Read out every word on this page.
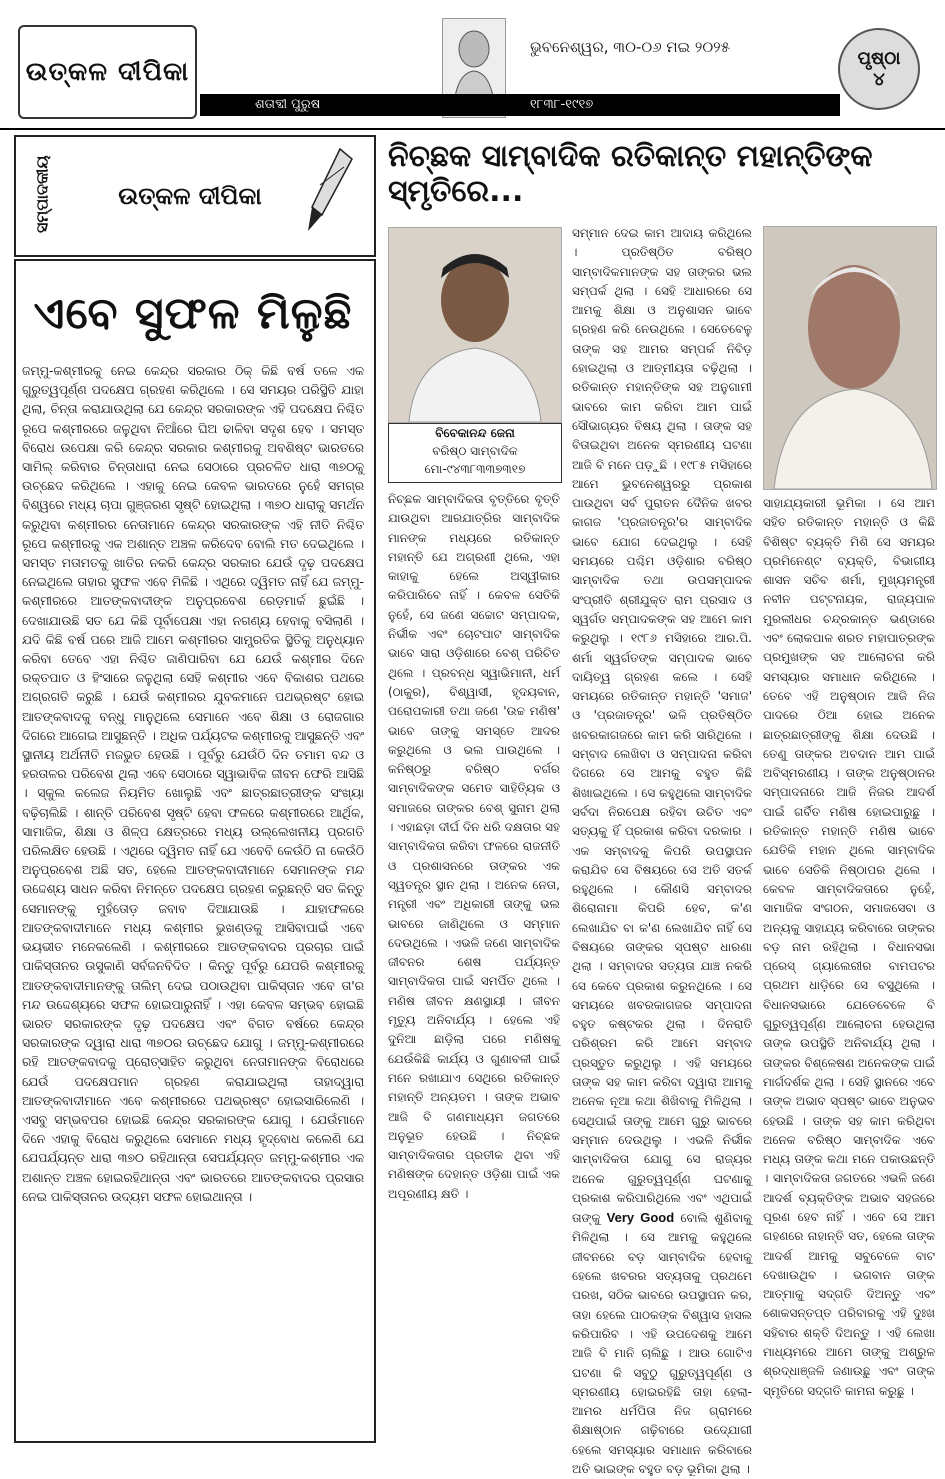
ଉତ୍କଳ ଦୀପିକା
ଭୁବନେଶ୍ୱର, ୩୦-୦୬ ମଇ ୨୦୨୫
ଶତାବ୍ଦୀ ପୁରୁଷ	୧୮୩୮-୧୯୧୭
ପୃଷ୍ଠା
୪
ସମ୍ପାଦକୀୟ	ଉତ୍କଳ ଦୀପିକା
ଏବେ ସୁଫଳ ମିଳୁଛି

ଜମ୍ମୁ-କଶ୍ମୀରକୁ ନେଇ କେନ୍ଦ୍ର ସରକାର ଠିକ୍ କିଛି ବର୍ଷ ତଳେ ଏକ ଗୁରୁତ୍ୱପୂର୍ଣ୍ଣ ପଦକ୍ଷେପ ଗ୍ରହଣ କରିଥିଲେ । ସେ ସମୟର ପରିସ୍ଥିତି ଯାହା ଥିଲା, ଚିନ୍ତା କରାଯାଉଥିଲା ଯେ କେନ୍ଦ୍ର ସରକାରଙ୍କ ଏହି ପଦକ୍ଷେପ ନିଶ୍ଚିତ ରୂପେ କଶ୍ମୀରରେ ଜଳୁଥିବା ନିଆଁରେ ଘିଅ ଢାଳିବା ସଦୃଶ ହେବ । ସମସ୍ତ ବିରୋଧ ଉପେକ୍ଷା କରି କେନ୍ଦ୍ର ସରକାର କଶ୍ମୀରକୁ ଅବଶିଷ୍ଟ ଭାରତରେ ସାମିଲ୍ କରିବାର ଚିନ୍ତାଧାରା ନେଇ ସେଠାରେ ପ୍ରଚଳିତ ଧାରା ୩୭୦କୁ ଉଚ୍ଛେଦ କରିଥିଲେ । ଏହାକୁ ନେଇ କେବଳ ଭାରତରେ ନୁହେଁ ସମଗ୍ର ବିଶ୍ୱରେ ମଧ୍ୟ ଚାପା ଗୁଞ୍ଜରଣ ସୃଷ୍ଟି ହୋଇଥିଲା । ୩୭୦ ଧାରାକୁ ସମର୍ଥନ କରୁଥିବା କଶ୍ମୀରର ନେତାମାନେ କେନ୍ଦ୍ର ସରକାରଙ୍କ ଏହି ନୀତି ନିଶ୍ଚିତ ରୂପେ କଶ୍ମୀରକୁ ଏକ ଅଶାନ୍ତ ଅଞ୍ଚଳ କରିଦେବ ବୋଲି ମତ ଦେଇଥିଲେ । ସମସ୍ତ ମତାମତକୁ ଖାତିର ନକରି କେନ୍ଦ୍ର ସରକାର ଯେଉଁ ଦୃଢ଼ ପଦକ୍ଷେପ ନେଇଥିଲେ ତାହାର ସୁଫଳ ଏବେ ମିଳିଛି । ଏଥିରେ ଦ୍ୱିମତ ନାହିଁ ଯେ ଜମ୍ମୁ-କଶ୍ମୀରରେ ଆତଙ୍କବାଦୀଙ୍କ ଅନୁପ୍ରବେଶ ରେଡ଼ମାର୍କ ଛୁଇଁଛି । ଦେଖାଯାଉଛି ସତ ଯେ କିଛି ପୂର୍ବାପେକ୍ଷା ଏହା ନଗଣ୍ୟ ହେବାକୁ ବସିଲାଣି । ଯଦି କିଛି ବର୍ଷ ପରେ ଆଜି ଆମେ କଶ୍ମୀରର ସାମ୍ପ୍ରତିକ ସ୍ଥିତିକୁ ଅନୁଧ୍ୟାନ କରିବା ତେବେ ଏହା ନିଶ୍ଚିତ ଜାଣିପାରିବା ଯେ ଯେଉଁ କଶ୍ମୀର ଦିନେ ରକ୍ତପାତ ଓ ହିଂସାରେ ଜଳୁଥିଲା ସେହି କଶ୍ମୀର ଏବେ ବିକାଶର ପଥରେ ଅଗ୍ରଗତି କରୁଛି । ଯେଉଁ କଶ୍ମୀରର ଯୁବକମାନେ ପଥଭ୍ରଷ୍ଟ ହୋଇ ଆତଙ୍କବାଦକୁ ବନ୍ଧୁ ମାନୁଥିଲେ ସେମାନେ ଏବେ ଶିକ୍ଷା ଓ ରୋଜଗାର ଦିଗରେ ଆଗେଇ ଆସୁଛନ୍ତି । ଅଧିକ ପର୍ଯ୍ୟଟକ କଶ୍ମୀରକୁ ଆସୁଛନ୍ତି ଏବଂ ସ୍ଥାନୀୟ ଅର୍ଥନୀତି ମଜଭୁତ ହେଉଛି । ପୂର୍ବରୁ ଯେଉଁଠି ଦିନ ତମାମ ବନ୍ଦ ଓ ହରତାଳର ପରିବେଶ ଥିଲା ଏବେ ସେଠାରେ ସ୍ୱାଭାବିକ ଜୀବନ ଫେରି ଆସିଛି । ସ୍କୁଲ କଲେଜ ନିୟମିତ ଖୋଲୁଛି ଏବଂ ଛାତ୍ରଛାତ୍ରୀଙ୍କ ସଂଖ୍ୟା ବଢ଼ିଚାଲିଛି । ଶାନ୍ତି ପରିବେଶ ସୃଷ୍ଟି ହେବା ଫଳରେ କଶ୍ମୀରରେ ଆର୍ଥିକ, ସାମାଜିକ, ଶିକ୍ଷା ଓ ଶିଳ୍ପ କ୍ଷେତ୍ରରେ ମଧ୍ୟ ଉଲ୍ଲେଖନୀୟ ପ୍ରଗତି ପରିଲକ୍ଷିତ ହେଉଛି । ଏଥିରେ ଦ୍ୱିମତ ନାହିଁ ଯେ ଏବେବି କେଉଁଠି ନା କେଉଁଠି ଅନୁପ୍ରବେଶ ଅଛି ସତ, ହେଲେ ଆତଙ୍କବାଦୀମାନେ ସେମାନଙ୍କ ମନ୍ଦ ଉଦ୍ଦେଶ୍ୟ ସାଧନ କରିବା ନିମନ୍ତେ ପଦକ୍ଷେପ ଗ୍ରହଣ କରୁଛନ୍ତି ସତ କିନ୍ତୁ ସେମାନଙ୍କୁ ମୁହଁତୋଡ଼ ଜବାବ ଦିଆଯାଉଛି । ଯାହାଫଳରେ ଆତଙ୍କବାଦୀମାନେ ମଧ୍ୟ କଶ୍ମୀର ଭୁଖଣ୍ଡକୁ ଆସିବାପାଇଁ ଏବେ ଭୟଭୀତ ମନେକଲେଣି । କଶ୍ମୀରରେ ଆତଙ୍କବାଦର ପ୍ରଚାର ପାଇଁ ପାକିସ୍ତାନର ଉସୁକାଣି ସର୍ବଜନବିଦିତ । କିନ୍ତୁ ପୂର୍ବରୁ ଯେପରି କଶ୍ମୀରକୁ ଆତଙ୍କବାଦୀମାନଙ୍କୁ ତାଲିମ୍ ଦେଇ ପଠାଉଥିବା ପାକିସ୍ତାନ ଏବେ ତା'ର ମନ୍ଦ ଉଦ୍ଦେଶ୍ୟରେ ସଫଳ ହୋଇପାରୁନାହିଁ । ଏହା କେବଳ ସମ୍ଭବ ହୋଇଛି ଭାରତ ସରକାରଙ୍କ ଦୃଢ଼ ପଦକ୍ଷେପ ଏବଂ ବିଗତ ବର୍ଷରେ କେନ୍ଦ୍ର ସରକାରଙ୍କ ଦ୍ୱାରା ଧାରା ୩୭୦ର ଉଚ୍ଛେଦ ଯୋଗୁ । ଜମ୍ମୁ-କଶ୍ମୀରରେ ରହି ଆତଙ୍କବାଦକୁ ପ୍ରୋତ୍ସାହିତ କରୁଥିବା ନେତାମାନଙ୍କ ବିରୋଧରେ ଯେଉଁ ପଦକ୍ଷେପମାନ ଗ୍ରହଣ କରାଯାଇଥିଲା ତାହାଦ୍ୱାରା ଆତଙ୍କବାଦୀମାନେ ଏବେ କଶ୍ମୀରରେ ପଥଭ୍ରଷ୍ଟ ହୋଇସାରିଲେଣି । ଏସବୁ ସମ୍ଭବପର ହୋଇଛି କେନ୍ଦ୍ର ସରକାରଙ୍କ ଯୋଗୁ । ଯେଉଁମାନେ ଦିନେ ଏହାକୁ ବିରୋଧ କରୁଥିଲେ ସେମାନେ ମଧ୍ୟ ହୃଦ୍‌ବୋଧ କଲେଣି ଯେ ଯେପର୍ଯ୍ୟନ୍ତ ଧାରା ୩୭୦ ରହିଥାନ୍ତା ସେପର୍ଯ୍ୟନ୍ତ ଜମ୍ମୁ-କଶ୍ମୀର ଏକ ଅଶାନ୍ତ ଅଞ୍ଚଳ ହୋଇରହିଥାନ୍ତା ଏବଂ ଭାରତରେ ଆତଙ୍କବାଦର ପ୍ରସାର ନେଇ ପାକିସ୍ତାନର ଉଦ୍ୟମ ସଫଳ ହୋଇଥାନ୍ତା ।

ନିଚ୍ଛକ ସାମ୍ବାଦିକ ରତିକାନ୍ତ ମହାନ୍ତିଙ୍କ ସ୍ମୃତିରେ...
ବିବେକାନନ୍ଦ ଜେନା
ବରିଷ୍ଠ ସାମ୍ବାଦିକ
ମୋ-୯୪୩୮୩୩୭୩୧୭

ନିଚ୍ଛକ ସାମ୍ବାଦିକତା ବୃତ୍ତିରେ ବୃତ୍ତି ଯାଉଥିବା ଆରଯାତ୍ରିର ସାମ୍ବାଦିକ ମାନଙ୍କ ମଧ୍ୟରେ ରତିକାନ୍ତ ମହାନ୍ତି ଯେ ଅଗ୍ରଣୀ ଥିଲେ, ଏହା କାହାକୁ ହେଲେ ଅସ୍ୱୀକାର କରିପାରିବେ ନାହିଁ । କେବଳ ସେତିକି ନୁହେଁ, ସେ ଜଣେ ସଚ୍ଚୋଟ ସମ୍ପାଦକ, ନିର୍ଭୀକ ଏବଂ ଚୋଟପାଟ ସାମ୍ବାଦିକ ଭାବେ ସାରା ଓଡ଼ିଶାରେ ବେଶ୍ ପରିଚିତ ଥିଲେ । ପ୍ରବନ୍ଧ ସ୍ୱାଭିମାନୀ, ଧର୍ମ (ଠାକୁର), ବିଶ୍ୱାସୀ, ହୃଦୟବାନ, ପରୋପକାରୀ ତଥା ଜଣେ 'ଉଚ୍ଚ ମଣିଷ' ଭାବେ ତାଙ୍କୁ ସମସ୍ତେ ଆଦର କରୁଥିଲେ ଓ ଭଲ ପାଉଥିଲେ । କନିଷ୍ଠରୁ ବରିଷ୍ଠ ବର୍ଗର ସାମ୍ବାଦିକଙ୍କ ସମେତ ସାହିତ୍ୟିକ ଓ ସମାଜରେ ତାଙ୍କର ବେଶ୍ ସୁନାମ ଥିଲା । ଏହାଛଡ଼ା ଦୀର୍ଘ ଦିନ ଧରି ଦକ୍ଷତାର ସହ ସାମ୍ବାଦିକତା କରିବା ଫଳରେ ରାଜନୀତି ଓ ପ୍ରଶାସନରେ ତାଙ୍କର ଏକ ସ୍ୱତନ୍ତ୍ର ସ୍ଥାନ ଥିଲା । ଅନେକ ନେତା, ମନ୍ତ୍ରୀ ଏବଂ ଅଧିକାରୀ ତାଙ୍କୁ ଭଲ ଭାବରେ ଜାଣିଥିଲେ ଓ ସମ୍ମାନ ଦେଉଥିଲେ । ଏଭଳି ଜଣେ ସାମ୍ବାଦିକ ଜୀବନର ଶେଷ ପର୍ଯ୍ୟନ୍ତ ସାମ୍ବାଦିକତା ପାଇଁ ସମର୍ପିତ ଥିଲେ । ମଣିଷ ଜୀବନ କ୍ଷଣସ୍ଥାୟୀ । ଜୀବନ ମୃତ୍ୟୁ ଅନିବାର୍ଯ୍ୟ । ହେଲେ ଏହି ଦୁନିଆ ଛାଡ଼ିଲା ପରେ ମଣିଷକୁ ଯେଉଁକିଛି କାର୍ଯ୍ୟ ଓ ଗୁଣାବଳୀ ପାଇଁ ମନେ ରଖାଯାଏ ସେଥିରେ ରତିକାନ୍ତ ମହାନ୍ତି ଅନ୍ୟତମ । ତାଙ୍କ ଅଭାବ ଆଜି ବି ଗଣମାଧ୍ୟମ ଜଗତରେ ଅନୁଭୂତ ହେଉଛି । ନିଚ୍ଛକ ସାମ୍ବାଦିକତାର ପ୍ରତୀକ ଥିବା ଏହି ମଣିଷଙ୍କ ଦେହାନ୍ତ ଓଡ଼ିଶା ପାଇଁ ଏକ ଅପୂରଣୀୟ କ୍ଷତି ।

ସମ୍ମାନ ଦେଇ କାମ ଆଦାୟ କରିଥିଲେ । ପ୍ରତିଷ୍ଠିତ ବରିଷ୍ଠ ସାମ୍ବାଦିକମାନଙ୍କ ସହ ତାଙ୍କର ଭଲ ସମ୍ପର୍କ ଥିଲା । ସେହି ଆଧାରରେ ସେ ଆମକୁ ଶିକ୍ଷା ଓ ଅନୁଶାସନ ଭାବେ ଗ୍ରହଣ କରି ନେଉଥିଲେ । ସେତେବେଳୁ ତାଙ୍କ ସହ ଆମର ସମ୍ପର୍କ ନିବିଡ଼ ହୋଇଥିଲା ଓ ଆତ୍ମୀୟତା ବଢ଼ିଥିଲା । ରତିକାନ୍ତ ମହାନ୍ତିଙ୍କ ସହ ଅନୁଗାମୀ ଭାବରେ କାମ କରିବା ଆମ ପାଇଁ ସୌଭାଗ୍ୟର ବିଷୟ ଥିଲା । ତାଙ୍କ ସହ ବିତାଇଥିବା ଅନେକ ସ୍ମରଣୀୟ ଘଟଣା ଆଜି ବି ମନେ ପଡ଼ୁଛି । ୧୯୮୫ ମସିହାରେ ଆମେ ଭୁବନେଶ୍ୱରରୁ ପ୍ରକାଶ ପାଉଥିବା ସର୍ବ ପୁରାତନ ଦୈନିକ ଖବର କାଗଜ 'ପ୍ରଜାତନ୍ତ୍ର'ର ସାମ୍ବାଦିକ ଭାବେ ଯୋଗ ଦେଇଥିଲୁ । ସେହି ସମୟରେ ପଶ୍ଚିମ ଓଡ଼ିଶାର ବରିଷ୍ଠ ସାମ୍ବାଦିକ ତଥା ଉପସମ୍ପାଦକ ସଂପ୍ରୀତି ଶ୍ରୀଯୁକ୍ତ ରାମ ପ୍ରସାଦ ଓ ସ୍ୱର୍ଗତ ସମ୍ପାଦକଙ୍କ ସହ ଆମେ କାମ କରୁଥିଲୁ । ୧୯୮୬ ମସିହାରେ ଆର.ପି. ଶର୍ମା ସ୍ୱର୍ଗତଙ୍କ ସମ୍ପାଦକ ଭାବେ ଦାୟିତ୍ୱ ଗ୍ରହଣ କଲେ । ସେହି ସମୟରେ ରତିକାନ୍ତ ମହାନ୍ତି 'ସମାଜ' ଓ 'ପ୍ରଜାତନ୍ତ୍ର' ଭଳି ପ୍ରତିଷ୍ଠିତ ଖବରକାଗଜରେ କାମ କରି ସାରିଥିଲେ । ସମ୍ବାଦ ଲେଖିବା ଓ ସମ୍ପାଦନା କରିବା ଦିଗରେ ସେ ଆମକୁ ବହୁତ କିଛି ଶିଖାଇଥିଲେ । ସେ କହୁଥିଲେ ସାମ୍ବାଦିକ ସର୍ବଦା ନିରପେକ୍ଷ ରହିବା ଉଚିତ ଏବଂ ସତ୍ୟକୁ ହିଁ ପ୍ରକାଶ କରିବା ଦରକାର । ଏକ ସମ୍ବାଦକୁ କିପରି ଉପସ୍ଥାପନ କରାଯିବ ସେ ବିଷୟରେ ସେ ଅତି ସତର୍କ ରହୁଥିଲେ । କୌଣସି ସମ୍ବାଦର ଶିରୋନାମା କିପରି ହେବ, କ'ଣ ଲେଖାଯିବ ବା କ'ଣ ଲେଖାଯିବ ନାହିଁ ସେ ବିଷୟରେ ତାଙ୍କର ସ୍ପଷ୍ଟ ଧାରଣା ଥିଲା । ସମ୍ବାଦର ସତ୍ୟତା ଯାଞ୍ଚ ନକରି ସେ କେବେ ପ୍ରକାଶ କରୁନଥିଲେ । ସେ ସମୟରେ ଖବରକାଗଜର ସମ୍ପାଦନା ବହୁତ କଷ୍ଟକର ଥିଲା । ଦିନରାତି ପରିଶ୍ରମ କରି ଆମେ ସମ୍ବାଦ ପ୍ରସ୍ତୁତ କରୁଥିଲୁ । ଏହି ସମୟରେ ତାଙ୍କ ସହ କାମ କରିବା ଦ୍ୱାରା ଆମକୁ ଅନେକ ନୂଆ କଥା ଶିଖିବାକୁ ମିଳିଥିଲା । ସେଥିପାଇଁ ତାଙ୍କୁ ଆମେ ଗୁରୁ ଭାବରେ ସମ୍ମାନ ଦେଉଥିଲୁ । ଏଭଳି ନିର୍ଭୀକ ସାମ୍ବାଦିକତା ଯୋଗୁ ସେ ରାଜ୍ୟର ଅନେକ ଗୁରୁତ୍ୱପୂର୍ଣ୍ଣ ଘଟଣାକୁ ପ୍ରକାଶ କରିପାରିଥିଲେ ଏବଂ ଏଥିପାଇଁ ତାଙ୍କୁ Very Good ବୋଲି ଶୁଣିବାକୁ ମିଳିଥିଲା । ସେ ଆମକୁ କହୁଥିଲେ ଜୀବନରେ ବଡ଼ ସାମ୍ବାଦିକ ହେବାକୁ ହେଲେ ଖବରର ସତ୍ୟତାକୁ ପ୍ରଥମେ ପରଖ, ସଠିକ ଭାବରେ ଉପସ୍ଥାପନ କର, ତାହା ହେଲେ ପାଠକଙ୍କ ବିଶ୍ୱାସ ହାସଲ କରିପାରିବ । ଏହି ଉପଦେଶକୁ ଆମେ ଆଜି ବି ମାନି ଚାଲିଛୁ । ଆଉ ଗୋଟିଏ ଘଟଣା କି ସବୁଠୁ ଗୁରୁତ୍ୱପୂର୍ଣ୍ଣ ଓ ସ୍ମରଣୀୟ ହୋଇରହିଛି ତାହା ହେଲା- ଆମର ଧର୍ମପିତା ନିଜ ଗ୍ରାମରେ ଶିକ୍ଷାଷ୍ଠାନ ଗଢ଼ିବାରେ ଉଦ୍ଯୋଗୀ ହେଲେ ସମସ୍ୟାର ସମାଧାନ କରିବାରେ ଅତି ଭାଇଙ୍କ ବହୁତ ବଡ଼ ଭୂମିକା ଥିଲା ।

ସାହାଯ୍ୟକାରୀ ଭୂମିକା । ସେ ଆମ ସହିତ ରତିକାନ୍ତ ମହାନ୍ତି ଓ କିଛି ବିଶିଷ୍ଟ ବ୍ୟକ୍ତି ମିଶି ସେ ସମୟର ପ୍ରମିନେଣ୍ଟ ବ୍ୟକ୍ତି, ବିଭାଗୀୟ ଶାସନ ସଚିବ ଶର୍ମା, ମୁଖ୍ୟମନ୍ତ୍ରୀ ନବୀନ ପଟ୍ଟନାୟକ, ରାଜ୍ୟପାଳ ମୁରଲୀଧର ଚନ୍ଦ୍ରକାନ୍ତ ଭଣ୍ଡାରେ ଏବଂ ଲୋକପାଳ ଶରତ ମହାପାତ୍ରଙ୍କ ପ୍ରମୁଖଙ୍କ ସହ ଆଲୋଚନା କରି ସମସ୍ୟାର ସମାଧାନ କରିଥିଲେ । ତେବେ ଏହି ଅନୁଷ୍ଠାନ ଆଜି ନିଜ ପାଦରେ ଠିଆ ହୋଇ ଅନେକ ଛାତ୍ରଛାତ୍ରୀଙ୍କୁ ଶିକ୍ଷା ଦେଉଛି । ତେଣୁ ତାଙ୍କର ଅବଦାନ ଆମ ପାଇଁ ଅବିସ୍ମରଣୀୟ । ତାଙ୍କ ଅନୁଷ୍ଠାନର ସମ୍ପାଦନାରେ ଆଜି ନିଜର ଆଦର୍ଶ ପାଇଁ ଗର୍ବିତ ମଣିଷ ହୋଇପାରୁଛୁ । ରତିକାନ୍ତ ମହାନ୍ତି ମଣିଷ ଭାବେ ଯେତିକି ମହାନ ଥିଲେ ସାମ୍ବାଦିକ ଭାବେ ସେତିକି ନିଷ୍ଠାପର ଥିଲେ । କେବଳ ସାମ୍ବାଦିକତାରେ ନୁହେଁ, ସାମାଜିକ ସଂଗଠନ, ସମାଜସେବା ଓ ଅନ୍ୟକୁ ସାହାଯ୍ୟ କରିବାରେ ତାଙ୍କର ବଡ଼ ନାମ ରହିଥିଲା । ବିଧାନସଭା ପ୍ରେସ୍ ଗ୍ୟାଲେରୀର ବାମପଟର ପ୍ରଥମ ଧାଡ଼ିରେ ସେ ବସୁଥିଲେ । ବିଧାନସଭାରେ ଯେତେବେଳେ ବି ଗୁରୁତ୍ୱପୂର୍ଣ୍ଣ ଆଲୋଚନା ହେଉଥିଲା ତାଙ୍କ ଉପସ୍ଥିତି ଅନିବାର୍ଯ୍ୟ ଥିଲା । ତାଙ୍କର ବିଶ୍ଳେଷଣ ଅନେକଙ୍କ ପାଇଁ ମାର୍ଗଦର୍ଶକ ଥିଲା । ସେହି ସ୍ଥାନରେ ଏବେ ତାଙ୍କ ଅଭାବ ସ୍ପଷ୍ଟ ଭାବେ ଅନୁଭବ ହେଉଛି । ତାଙ୍କ ସହ କାମ କରିଥିବା ଅନେକ ବରିଷ୍ଠ ସାମ୍ବାଦିକ ଏବେ ମଧ୍ୟ ତାଙ୍କ କଥା ମନେ ପକାଉଛନ୍ତି । ସାମ୍ବାଦିକତା ଜଗତରେ ଏଭଳି ଜଣେ ଆଦର୍ଶ ବ୍ୟକ୍ତିଙ୍କ ଅଭାବ ସହଜରେ ପୂରଣ ହେବ ନାହିଁ । ଏବେ ସେ ଆମ ଗହଣରେ ନାହାନ୍ତି ସତ, ହେଲେ ତାଙ୍କ ଆଦର୍ଶ ଆମକୁ ସବୁବେଳେ ବାଟ ଦେଖାଉଥିବ । ଭଗବାନ ତାଙ୍କ ଆତ୍ମାକୁ ସଦ୍‌ଗତି ଦିଅନ୍ତୁ ଏବଂ ଶୋକସନ୍ତପ୍ତ ପରିବାରକୁ ଏହି ଦୁଃଖ ସହିବାର ଶକ୍ତି ଦିଅନ୍ତୁ । ଏହି ଲେଖା ମାଧ୍ୟମରେ ଆମେ ତାଙ୍କୁ ଅଶ୍ରୁଳ ଶ୍ରଦ୍ଧାଞ୍ଜଳି ଜଣାଉଛୁ ଏବଂ ତାଙ୍କ ସ୍ମୃତିରେ ସଦ୍‌ଗତି କାମନା କରୁଛୁ ।
